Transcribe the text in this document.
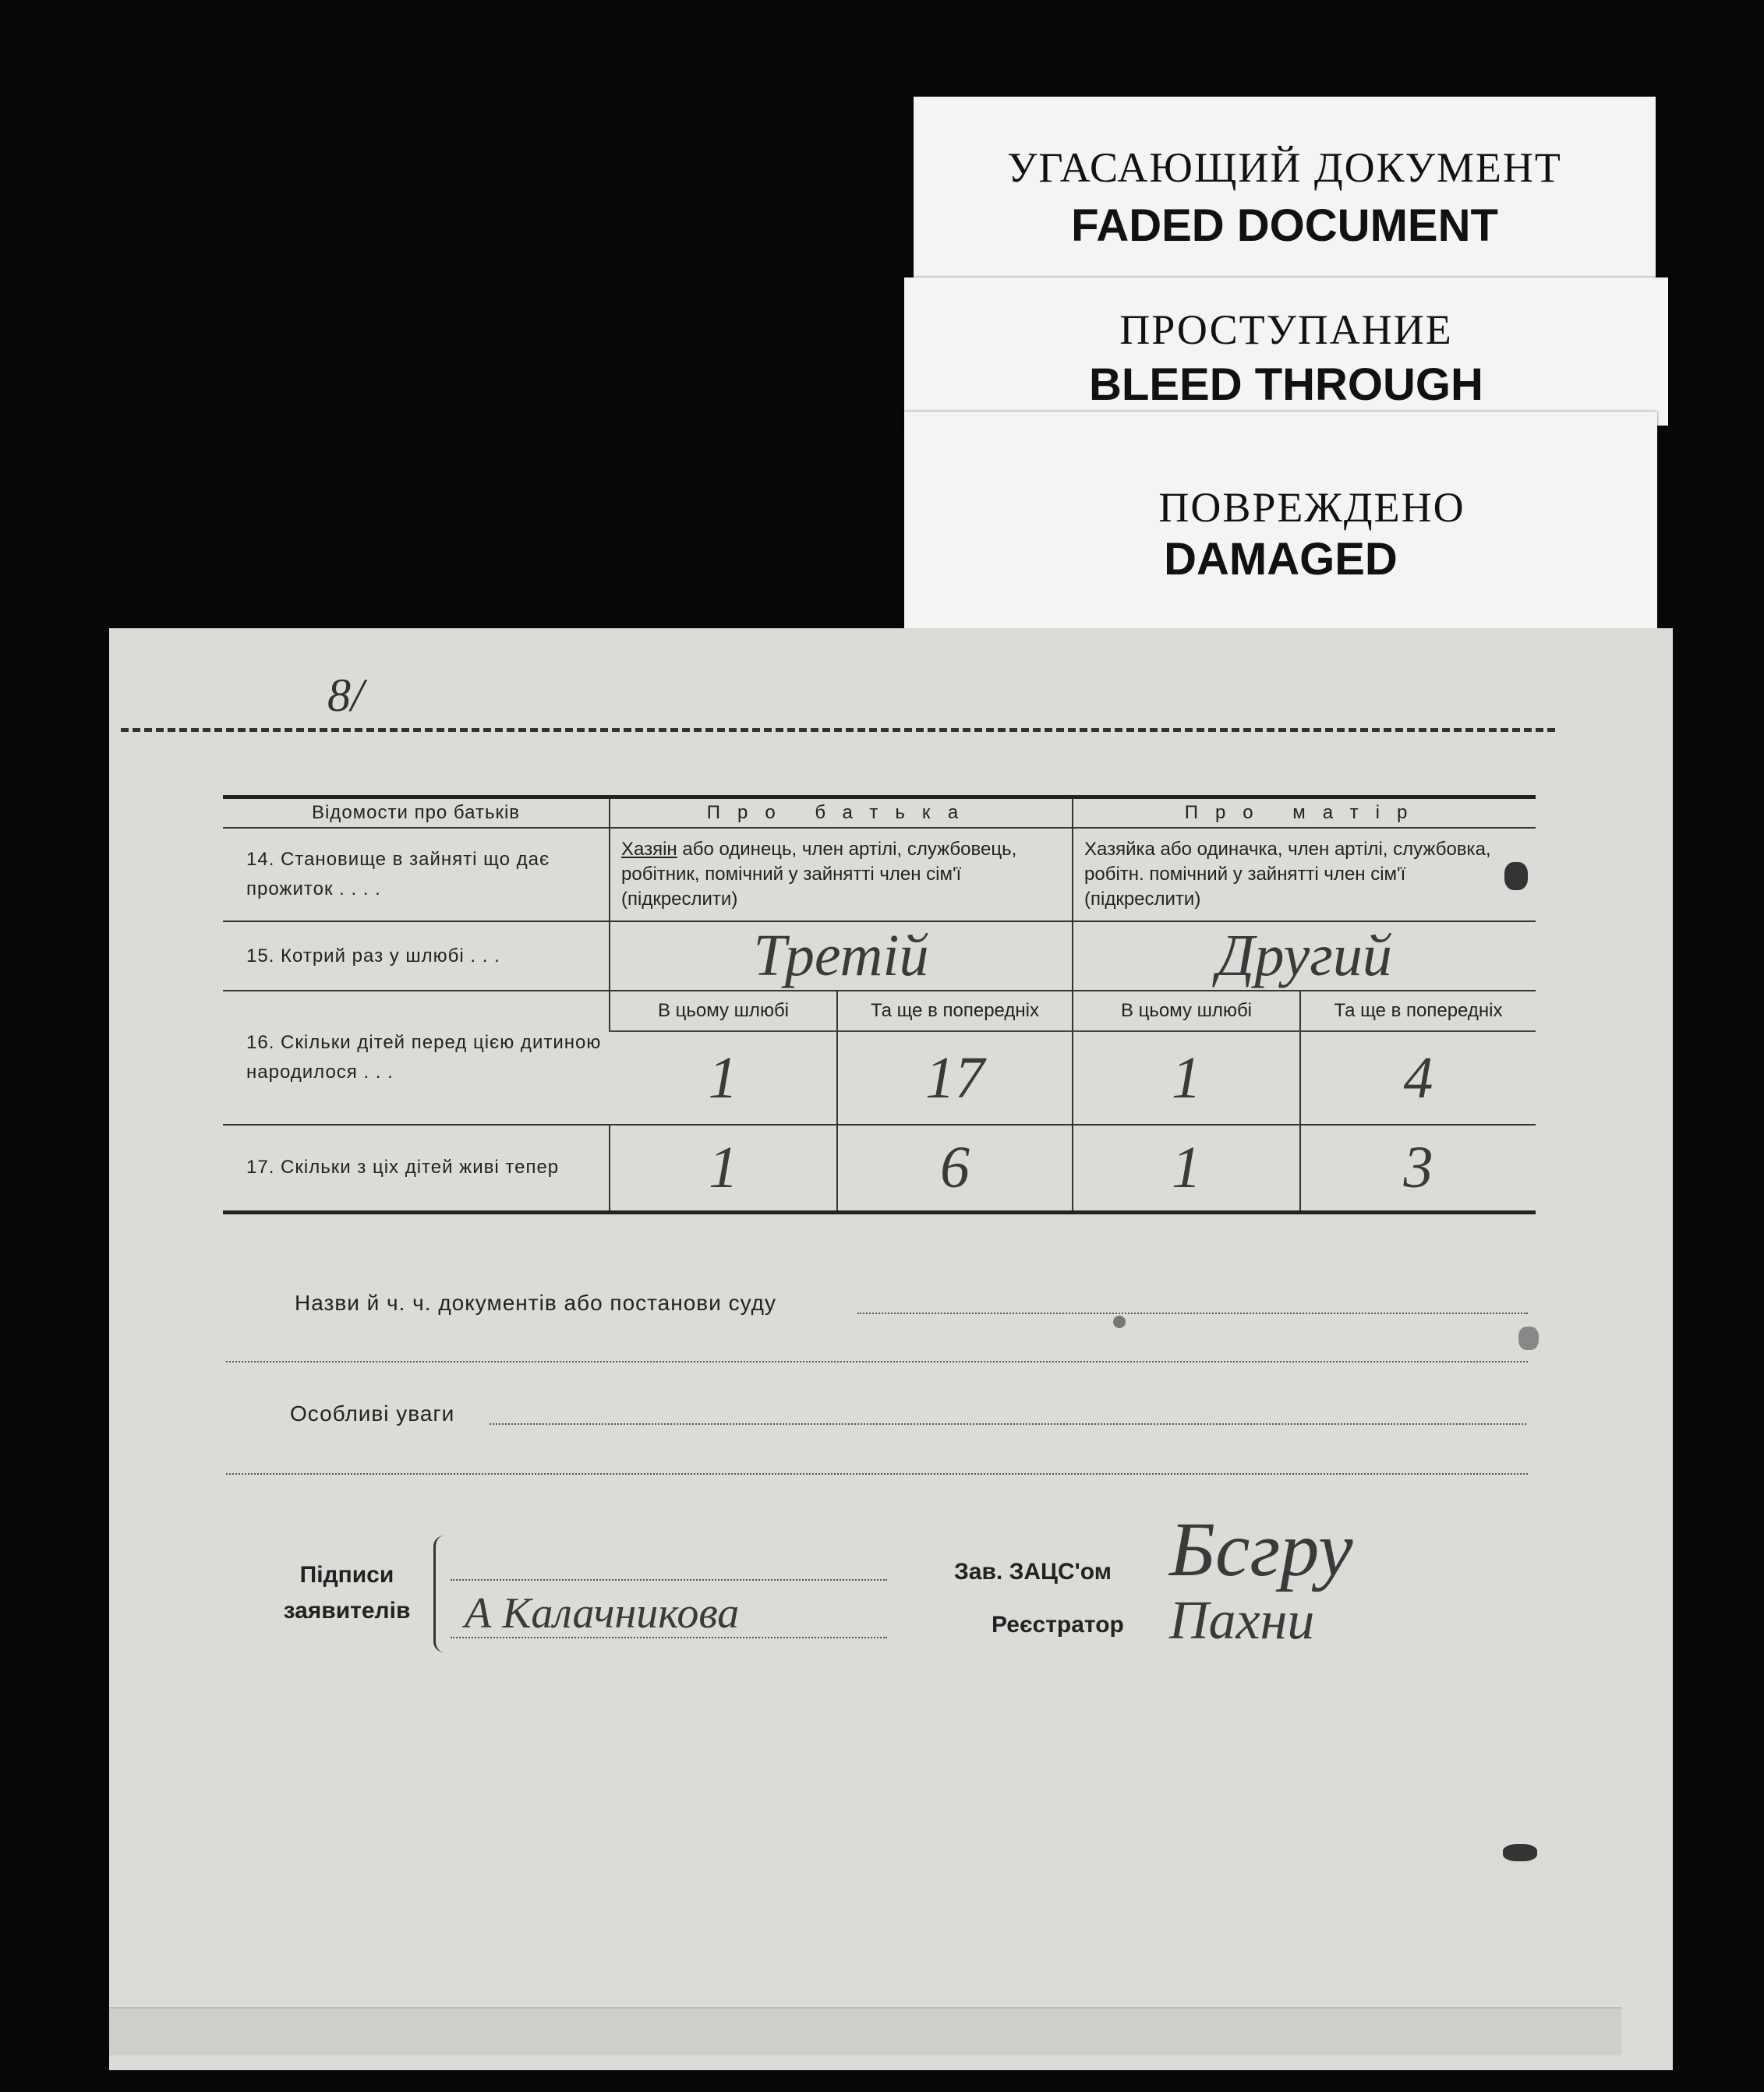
УГАСАЮЩИЙ ДОКУМЕНТ
FADED DOCUMENT
ПРОСТУПАНИЕ
BLEED THROUGH
ПОВРЕЖДЕНО
DAMAGED
8/
Відомости про батьків	Про батька		Про матір	
14. Становище в зайняті що дає прожиток . . . .	Хазяін або одинець, член артілі, службовець, робітник, помічний у зайнятті член сім'ї (підкреслити)		Хазяйка або одиначка, член артілі, службовка, робітн. помічний у зайнятті член сім'ї (підкреслити)	
15. Котрий раз у шлюбі . . .	Третій		Другий	
16. Скільки дітей перед цією дитиною народилося . . .	В цьому шлюбі	Та ще в попередніх	В цьому шлюбі	Та ще в попередніх
	1	17	1	4
17. Скільки з ціх дітей живі тепер	1	6	1	3
Назви й ч. ч. документів або постанови суду
Особливі уваги
Підписи
заявителів А Калачникова
Зав. ЗАЦС'ом Бсгру
Реєстратор Пахни
